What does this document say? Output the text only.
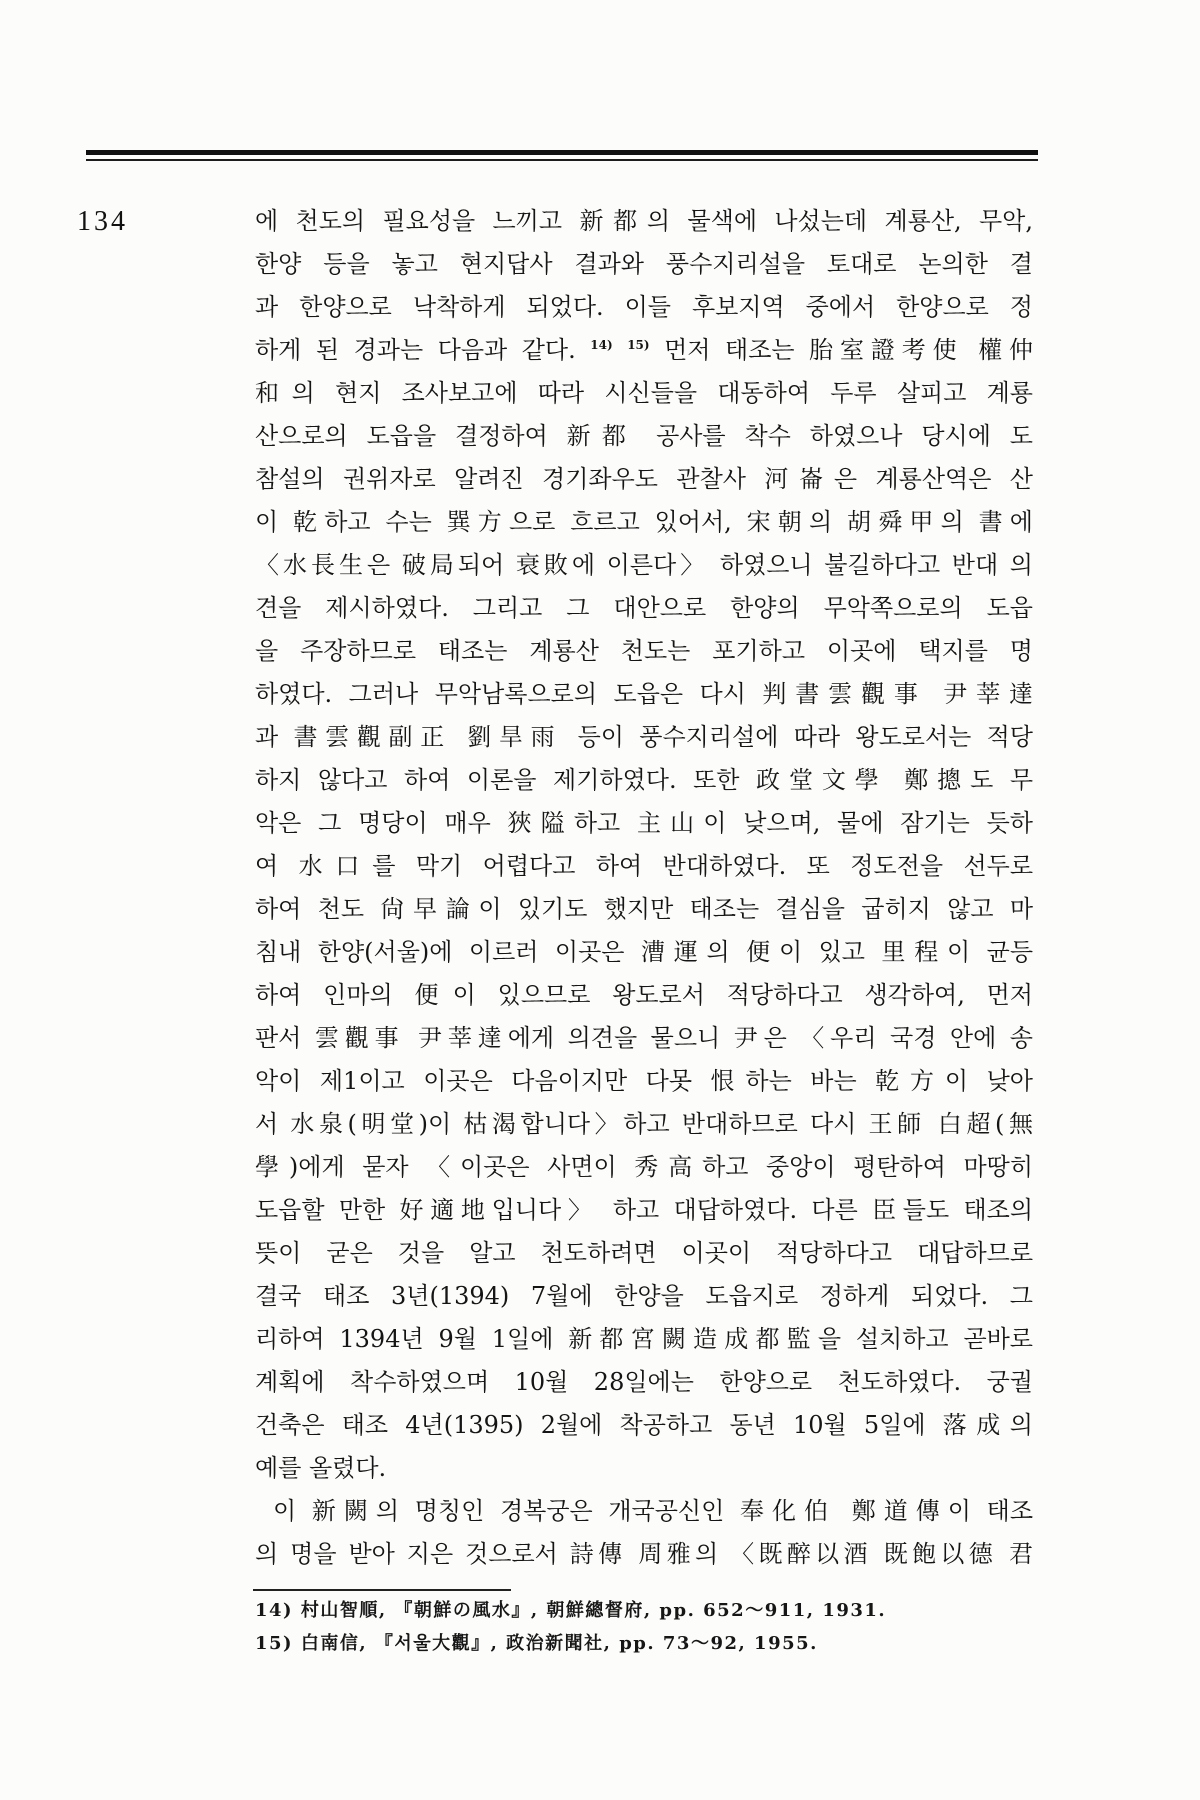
134	에 천도의 필요성을 느끼고 新都의 물색에 나섰는데 계룡산, 무악,
한양 등을 놓고 현지답사 결과와 풍수지리설을 토대로 논의한 결
과 한양으로 낙착하게 되었다. 이들 후보지역 중에서 한양으로 정
하게 된 경과는 다음과 같다. $^{14)}$ $^{15)}$ 먼저 태조는 胎室證考使 權仲
和의 현지 조사보고에 따라 시신들을 대동하여 두루 살피고 계룡
산으로의 도읍을 결정하여 新都 공사를 착수 하였으나 당시에 도
참설의 권위자로 알려진 경기좌우도 관찰사 河崙은 계룡산역은 산
이 乾하고 수는 巽方으로 흐르고 있어서, 宋朝의 胡舜甲의 書에
〈水長生은 破局되어 衰敗에 이른다〉 하였으니 불길하다고 반대 의
견을 제시하였다. 그리고 그 대안으로 한양의 무악쪽으로의 도읍
을 주장하므로 태조는 계룡산 천도는 포기하고 이곳에 택지를 명
하였다. 그러나 무악남록으로의 도읍은 다시 判書雲觀事 尹莘達
과 書雲觀副正 劉旱雨 등이 풍수지리설에 따라 왕도로서는 적당
하지 않다고 하여 이론을 제기하였다. 또한 政堂文學 鄭摠도 무
악은 그 명당이 매우 狹隘하고 主山이 낮으며, 물에 잠기는 듯하
여 水口를 막기 어렵다고 하여 반대하였다. 또 정도전을 선두로
하여 천도 尙早論이 있기도 했지만 태조는 결심을 굽히지 않고 마
침내 한양(서울)에 이르러 이곳은 漕運의 便이 있고 里程이 균등
하여 인마의 便이 있으므로 왕도로서 적당하다고 생각하여, 먼저
판서 雲觀事 尹莘達에게 의견을 물으니 尹은 〈우리 국경 안에 송
악이 제1이고 이곳은 다음이지만 다못 恨하는 바는 乾方이 낮아
서 水泉(明堂)이 枯渴합니다〉하고 반대하므로 다시 王師 白超(無
學)에게 묻자 〈이곳은 사면이 秀高하고 중앙이 평탄하여 마땅히
도읍할 만한 好適地입니다〉 하고 대답하였다. 다른 臣들도 태조의
뜻이 굳은 것을 알고 천도하려면 이곳이 적당하다고 대답하므로
결국 태조 3년(1394) 7월에 한양을 도읍지로 정하게 되었다. 그
리하여 1394년 9월 1일에 新都宮闕造成都監을 설치하고 곧바로
계획에 착수하였으며 10월 28일에는 한양으로 천도하였다. 궁궐
건축은 태조 4년(1395) 2월에 착공하고 동년 10월 5일에 落成의
예를 올렸다.
이 新闕의 명칭인 경복궁은 개국공신인 奉化伯 鄭道傳이 태조
의 명을 받아 지은 것으로서 詩傳 周雅의 〈既醉以酒 既飽以德 君
14) 村山智順, 『朝鮮の風水』, 朝鮮總督府, pp. 652～911, 1931.
15) 白南信, 『서울大觀』, 政治新聞社, pp. 73～92, 1955.
